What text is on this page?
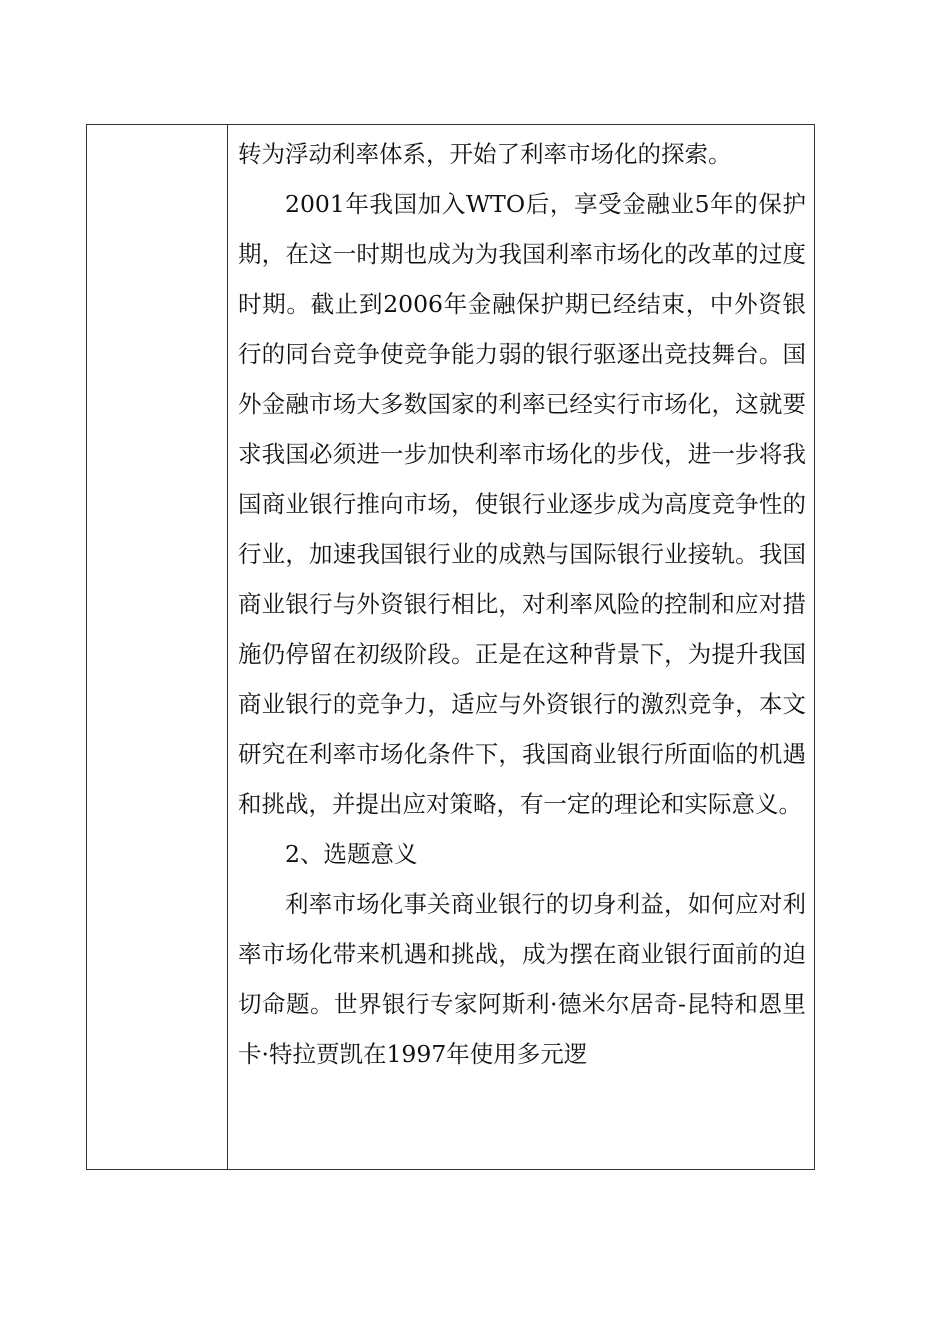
转为浮动利率体系，开始了利率市场化的探索。

2001年我国加入WTO后，享受金融业5年的保护期，在这一时期也成为为我国利率市场化的改革的过度时期。截止到2006年金融保护期已经结束，中外资银行的同台竞争使竞争能力弱的银行驱逐出竞技舞台。国外金融市场大多数国家的利率已经实行市场化，这就要求我国必须进一步加快利率市场化的步伐，进一步将我国商业银行推向市场，使银行业逐步成为高度竞争性的行业，加速我国银行业的成熟与国际银行业接轨。我国商业银行与外资银行相比，对利率风险的控制和应对措施仍停留在初级阶段。正是在这种背景下，为提升我国商业银行的竞争力，适应与外资银行的激烈竞争，本文研究在利率市场化条件下，我国商业银行所面临的机遇和挑战，并提出应对策略，有一定的理论和实际意义。

2、选题意义

利率市场化事关商业银行的切身利益，如何应对利率市场化带来机遇和挑战，成为摆在商业银行面前的迫切命题。世界银行专家阿斯利·德米尔居奇-昆特和恩里卡·特拉贾凯在1997年使用多元逻
